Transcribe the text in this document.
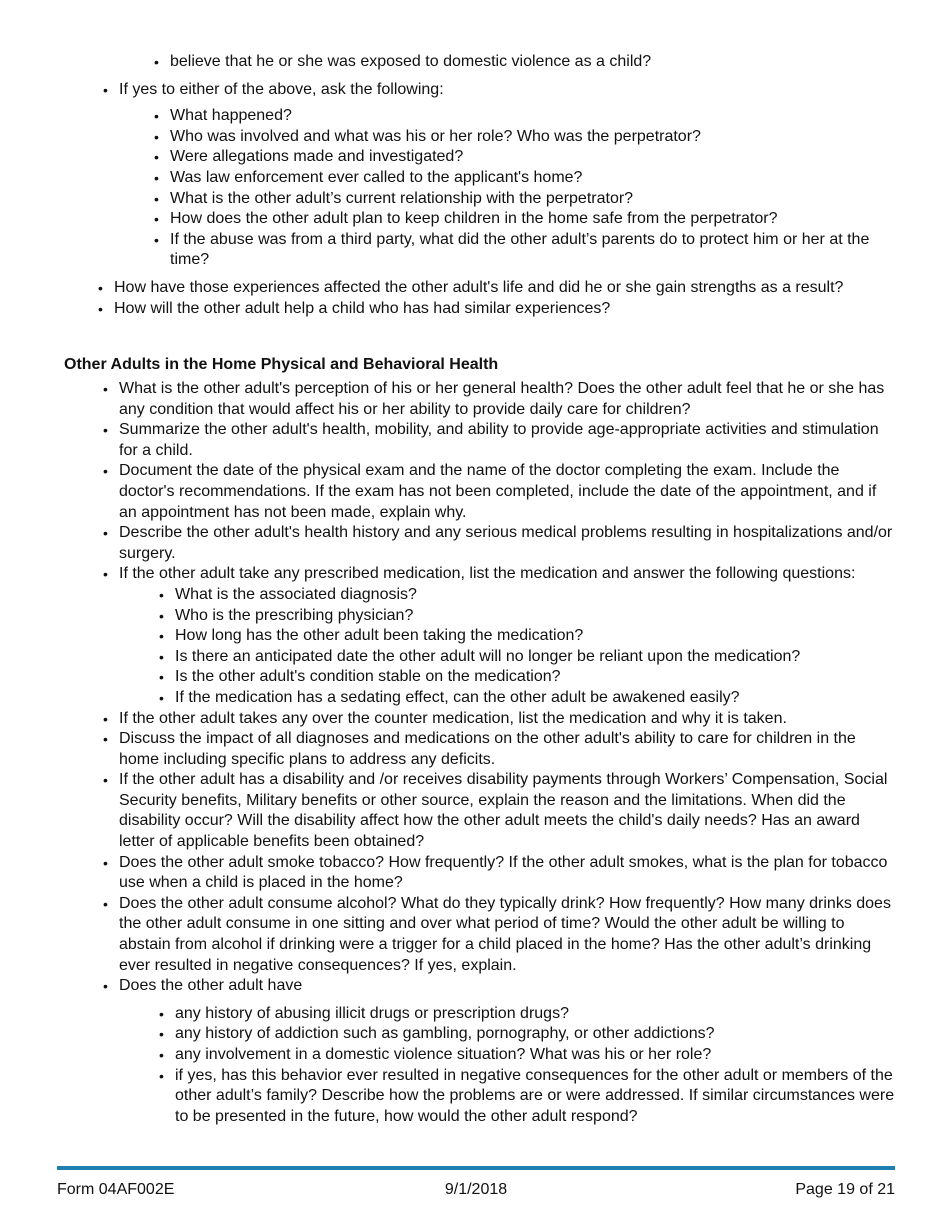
• believe that he or she was exposed to domestic violence as a child?
• If yes to either of the above, ask the following:
• What happened?
• Who was involved and what was his or her role? Who was the perpetrator?
• Were allegations made and investigated?
• Was law enforcement ever called to the applicant's home?
• What is the other adult’s current relationship with the perpetrator?
• How does the other adult plan to keep children in the home safe from the perpetrator?
• If the abuse was from a third party, what did the other adult’s parents do to protect him or her at the time?
• How have those experiences affected the other adult's life and did he or she gain strengths as a result?
• How will the other adult help a child who has had similar experiences?
Other Adults in the Home Physical and Behavioral Health
• What is the other adult's perception of his or her general health? Does the other adult feel that he or she has any condition that would affect his or her ability to provide daily care for children?
• Summarize the other adult's health, mobility, and ability to provide age-appropriate activities and stimulation for a child.
• Document the date of the physical exam and the name of the doctor completing the exam. Include the doctor's recommendations. If the exam has not been completed, include the date of the appointment, and if an appointment has not been made, explain why.
• Describe the other adult's health history and any serious medical problems resulting in hospitalizations and/or surgery.
• If the other adult take any prescribed medication, list the medication and answer the following questions:
• What is the associated diagnosis?
• Who is the prescribing physician?
• How long has the other adult been taking the medication?
• Is there an anticipated date the other adult will no longer be reliant upon the medication?
• Is the other adult's condition stable on the medication?
• If the medication has a sedating effect, can the other adult be awakened easily?
• If the other adult takes any over the counter medication, list the medication and why it is taken.
• Discuss the impact of all diagnoses and medications on the other adult's ability to care for children in the home including specific plans to address any deficits.
• If the other adult has a disability and /or receives disability payments through Workers’ Compensation, Social Security benefits, Military benefits or other source, explain the reason and the limitations. When did the disability occur? Will the disability affect how the other adult meets the child's daily needs? Has an award letter of applicable benefits been obtained?
• Does the other adult smoke tobacco? How frequently? If the other adult smokes, what is the plan for tobacco use when a child is placed in the home?
• Does the other adult consume alcohol? What do they typically drink? How frequently? How many drinks does the other adult consume in one sitting and over what period of time? Would the other adult be willing to abstain from alcohol if drinking were a trigger for a child placed in the home? Has the other adult’s drinking ever resulted in negative consequences? If yes, explain.
• Does the other adult have
• any history of abusing illicit drugs or prescription drugs?
• any history of addiction such as gambling, pornography, or other addictions?
• any involvement in a domestic violence situation? What was his or her role?
• if yes, has this behavior ever resulted in negative consequences for the other adult or members of the other adult’s family? Describe how the problems are or were addressed. If similar circumstances were to be presented in the future, how would the other adult respond?
Form 04AF002E	9/1/2018	Page 19 of 21
